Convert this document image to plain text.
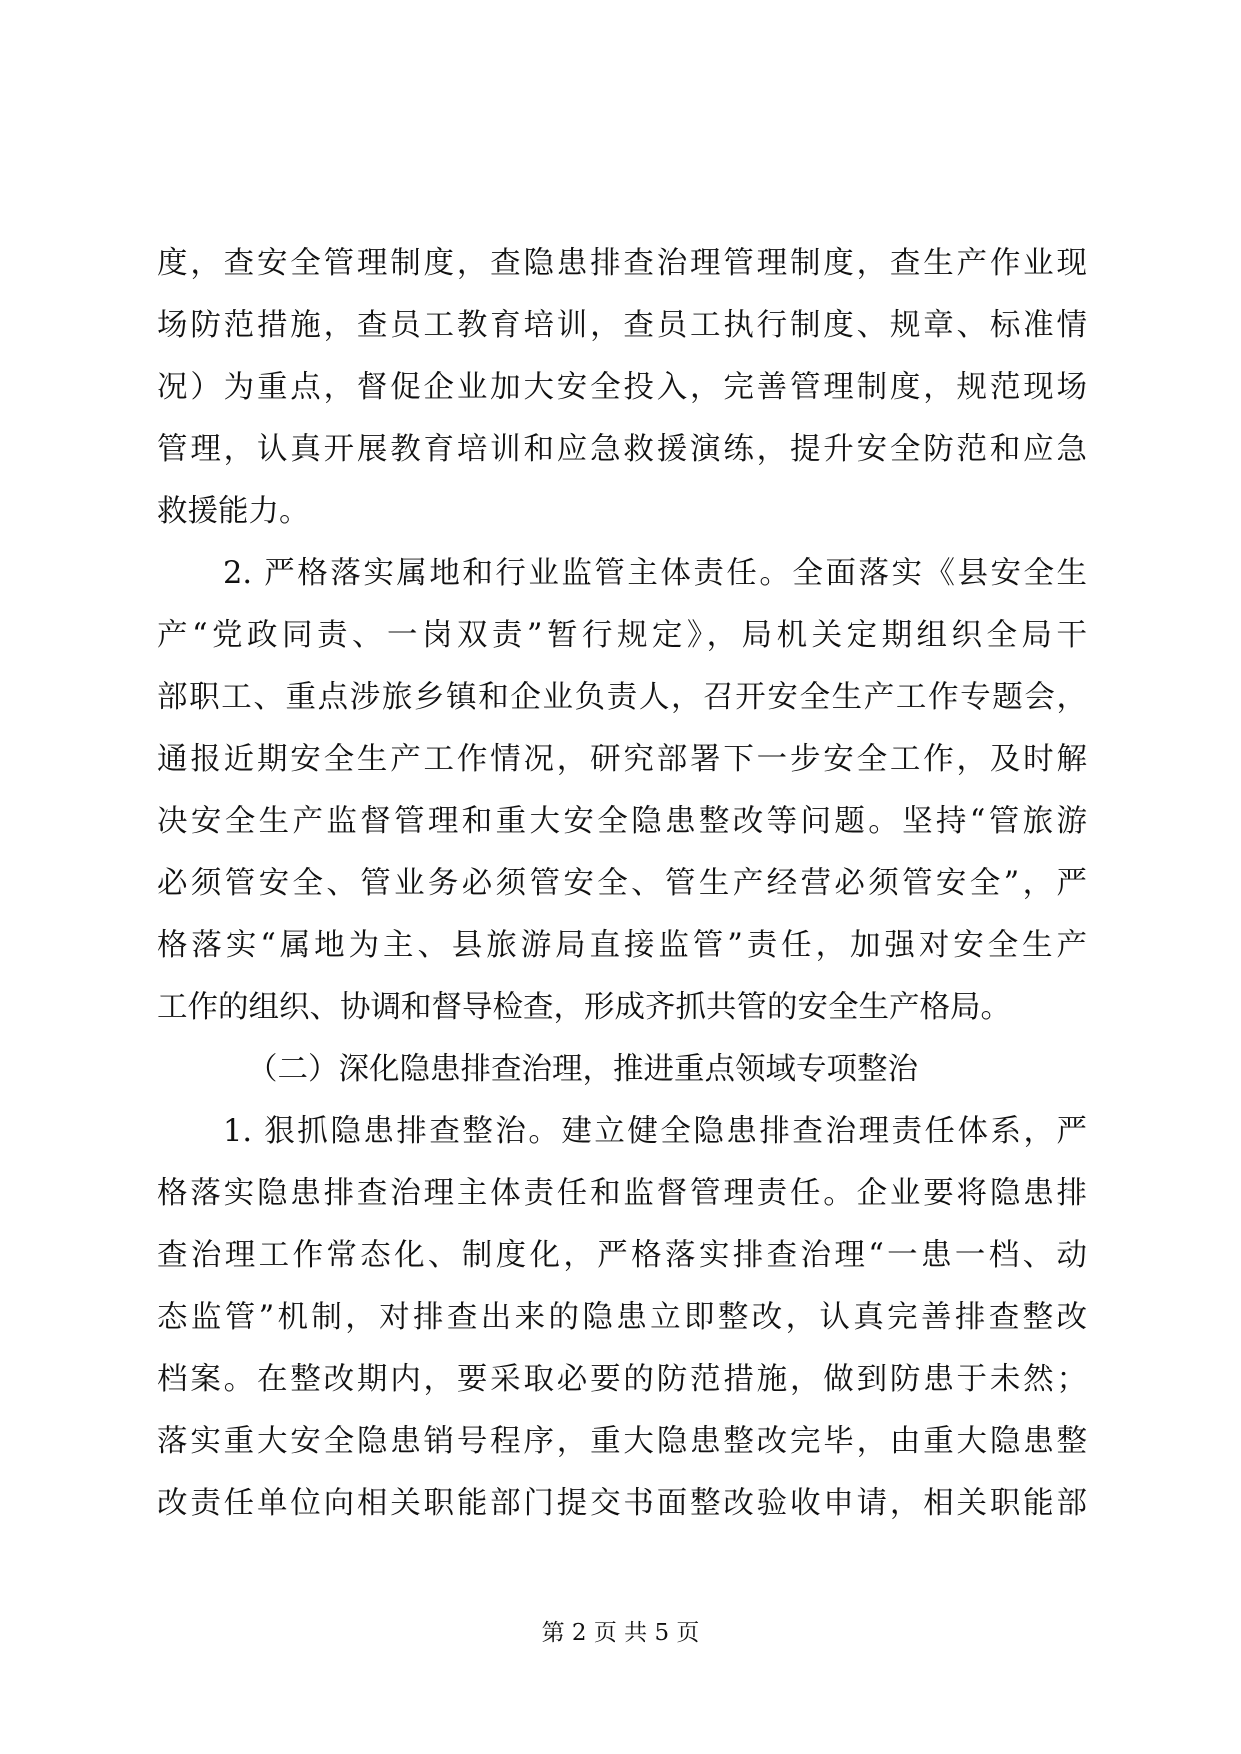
度，查安全管理制度，查隐患排查治理管理制度，查生产作业现
场防范措施，查员工教育培训，查员工执行制度、规章、标准情
况）为重点，督促企业加大安全投入，完善管理制度，规范现场
管理，认真开展教育培训和应急救援演练，提升安全防范和应急
救援能力。
2. 严格落实属地和行业监管主体责任。全面落实《县安全生
产“党政同责、一岗双责”暂行规定》，局机关定期组织全局干
部职工、重点涉旅乡镇和企业负责人，召开安全生产工作专题会，
通报近期安全生产工作情况，研究部署下一步安全工作，及时解
决安全生产监督管理和重大安全隐患整改等问题。坚持“管旅游
必须管安全、管业务必须管安全、管生产经营必须管安全”，严
格落实“属地为主、县旅游局直接监管”责任，加强对安全生产
工作的组织、协调和督导检查，形成齐抓共管的安全生产格局。
（二）深化隐患排查治理，推进重点领域专项整治
1. 狠抓隐患排查整治。建立健全隐患排查治理责任体系，严
格落实隐患排查治理主体责任和监督管理责任。企业要将隐患排
查治理工作常态化、制度化，严格落实排查治理“一患一档、动
态监管”机制，对排查出来的隐患立即整改，认真完善排查整改
档案。在整改期内，要采取必要的防范措施，做到防患于未然；
落实重大安全隐患销号程序，重大隐患整改完毕，由重大隐患整
改责任单位向相关职能部门提交书面整改验收申请，相关职能部
第 2 页 共 5 页
